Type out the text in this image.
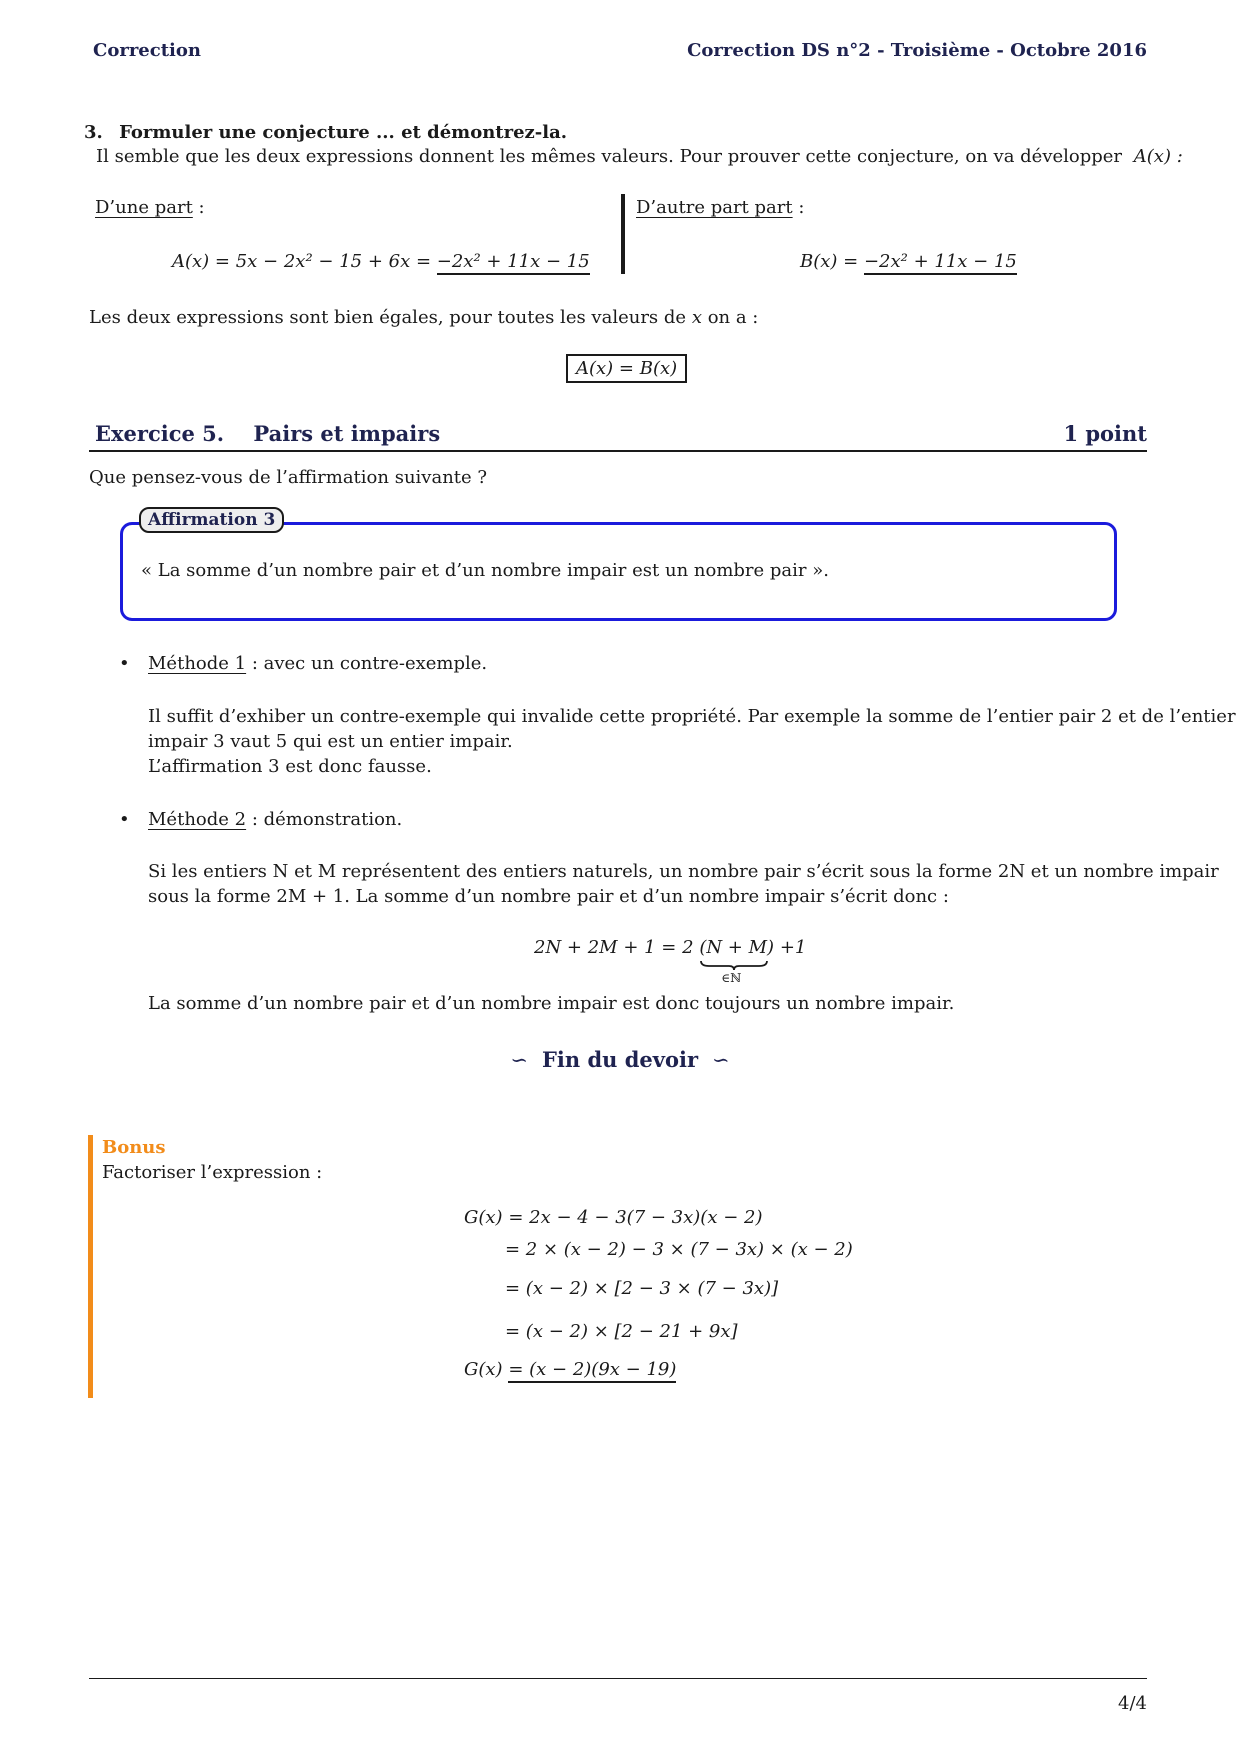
Correction	Correction DS n°2 - Troisième - Octobre 2016
3. Formuler une conjecture ... et démontrez-la.
Il semble que les deux expressions donnent les mêmes valeurs. Pour prouver cette conjecture, on va développer A(x) :
D’une part :
A(x) = 5x − 2x² − 15 + 6x = −2x² + 11x − 15
D’autre part part :
B(x) = −2x² + 11x − 15
Les deux expressions sont bien égales, pour toutes les valeurs de x on a :
A(x) = B(x)
Exercice 5. Pairs et impairs	1 point
Que pensez-vous de l’affirmation suivante ?
Affirmation 3
« La somme d’un nombre pair et d’un nombre impair est un nombre pair ».
• Méthode 1 : avec un contre-exemple.
Il suffit d’exhiber un contre-exemple qui invalide cette propriété. Par exemple la somme de l’entier pair 2 et de l’entier
impair 3 vaut 5 qui est un entier impair.
L’affirmation 3 est donc fausse.
• Méthode 2 : démonstration.
Si les entiers N et M représentent des entiers naturels, un nombre pair s’écrit sous la forme 2N et un nombre impair
sous la forme 2M + 1. La somme d’un nombre pair et d’un nombre impair s’écrit donc :
2N + 2M + 1 = 2 (N + M)
∈ℕ
+1
La somme d’un nombre pair et d’un nombre impair est donc toujours un nombre impair.
∽ Fin du devoir ∽
Bonus
Factoriser l’expression :
G(x) = 2x − 4 − 3(7 − 3x)(x − 2)
= 2 × (x − 2) − 3 × (7 − 3x) × (x − 2)
= (x − 2) × [2 − 3 × (7 − 3x)]
= (x − 2) × [2 − 21 + 9x]
G(x) = (x − 2)(9x − 19)
4/4
